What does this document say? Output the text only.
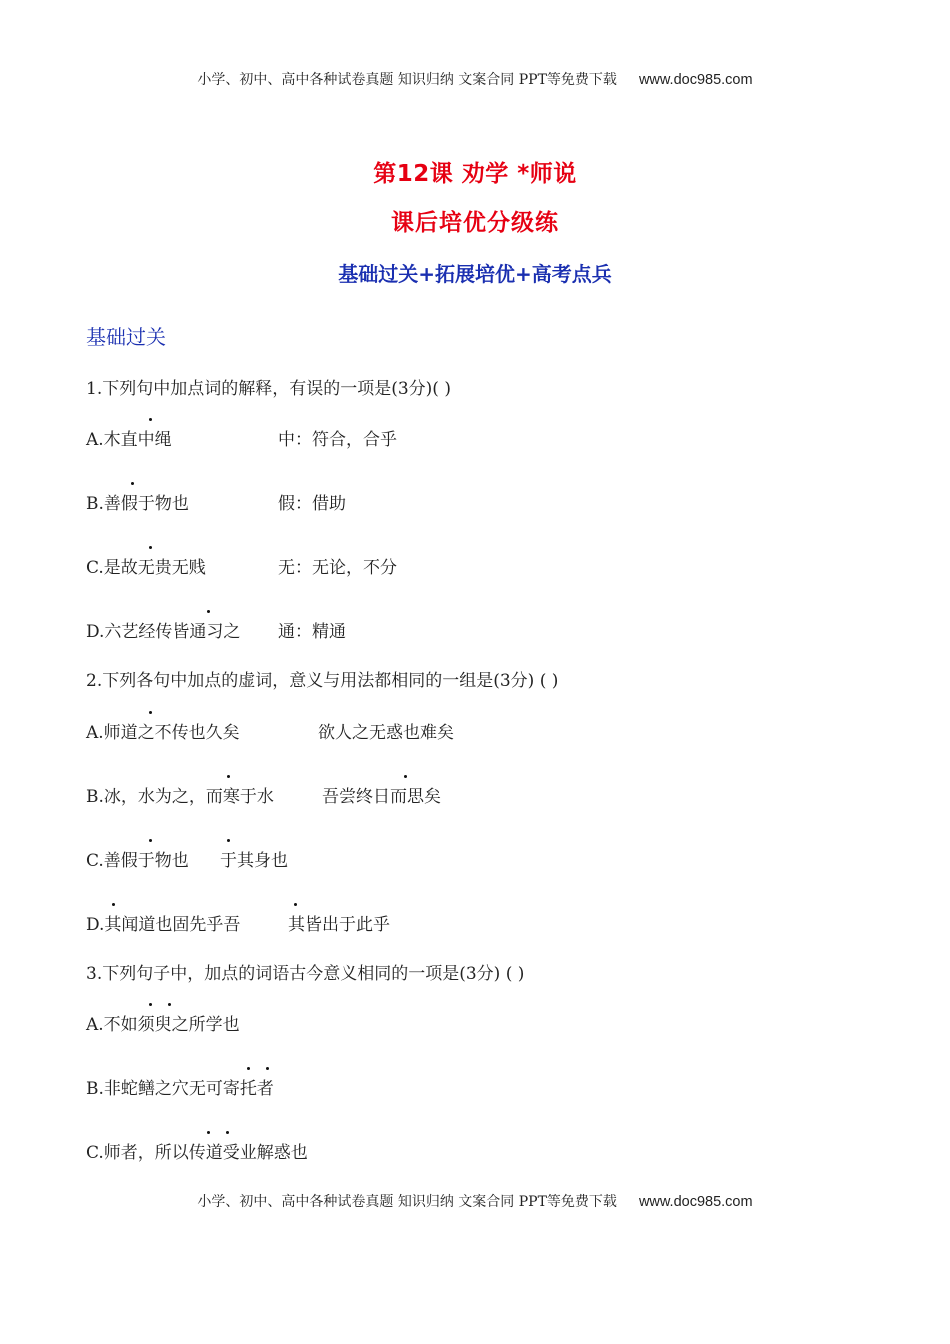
小学、初中、高中各种试卷真题 知识归纳 文案合同 PPT等免费下载 www.doc985.com
第12课 劝学 *师说
课后培优分级练
基础过关+拓展培优+高考点兵
基础过关
1.下列句中加点词的解释，有误的一项是(3分)( )
A.木直中绳	中：符合，合乎
B.善假于物也	假：借助
C.是故无贵无贱	无：无论，不分
D.六艺经传皆通习之 通：精通
2.下列各句中加点的虚词，意义与用法都相同的一组是(3分) ( )
A.师道之不传也久矣	欲人之无惑也难矣
B.冰，水为之，而寒于水	吾尝终日而思矣
C.善假于物也 于其身也
D.其闻道也固先乎吾	其皆出于此乎
3.下列句子中，加点的词语古今意义相同的一项是(3分) ( )
A.不如须臾之所学也
B.非蛇鳝之穴无可寄托者
C.师者，所以传道受业解惑也
小学、初中、高中各种试卷真题 知识归纳 文案合同 PPT等免费下载 www.doc985.com
